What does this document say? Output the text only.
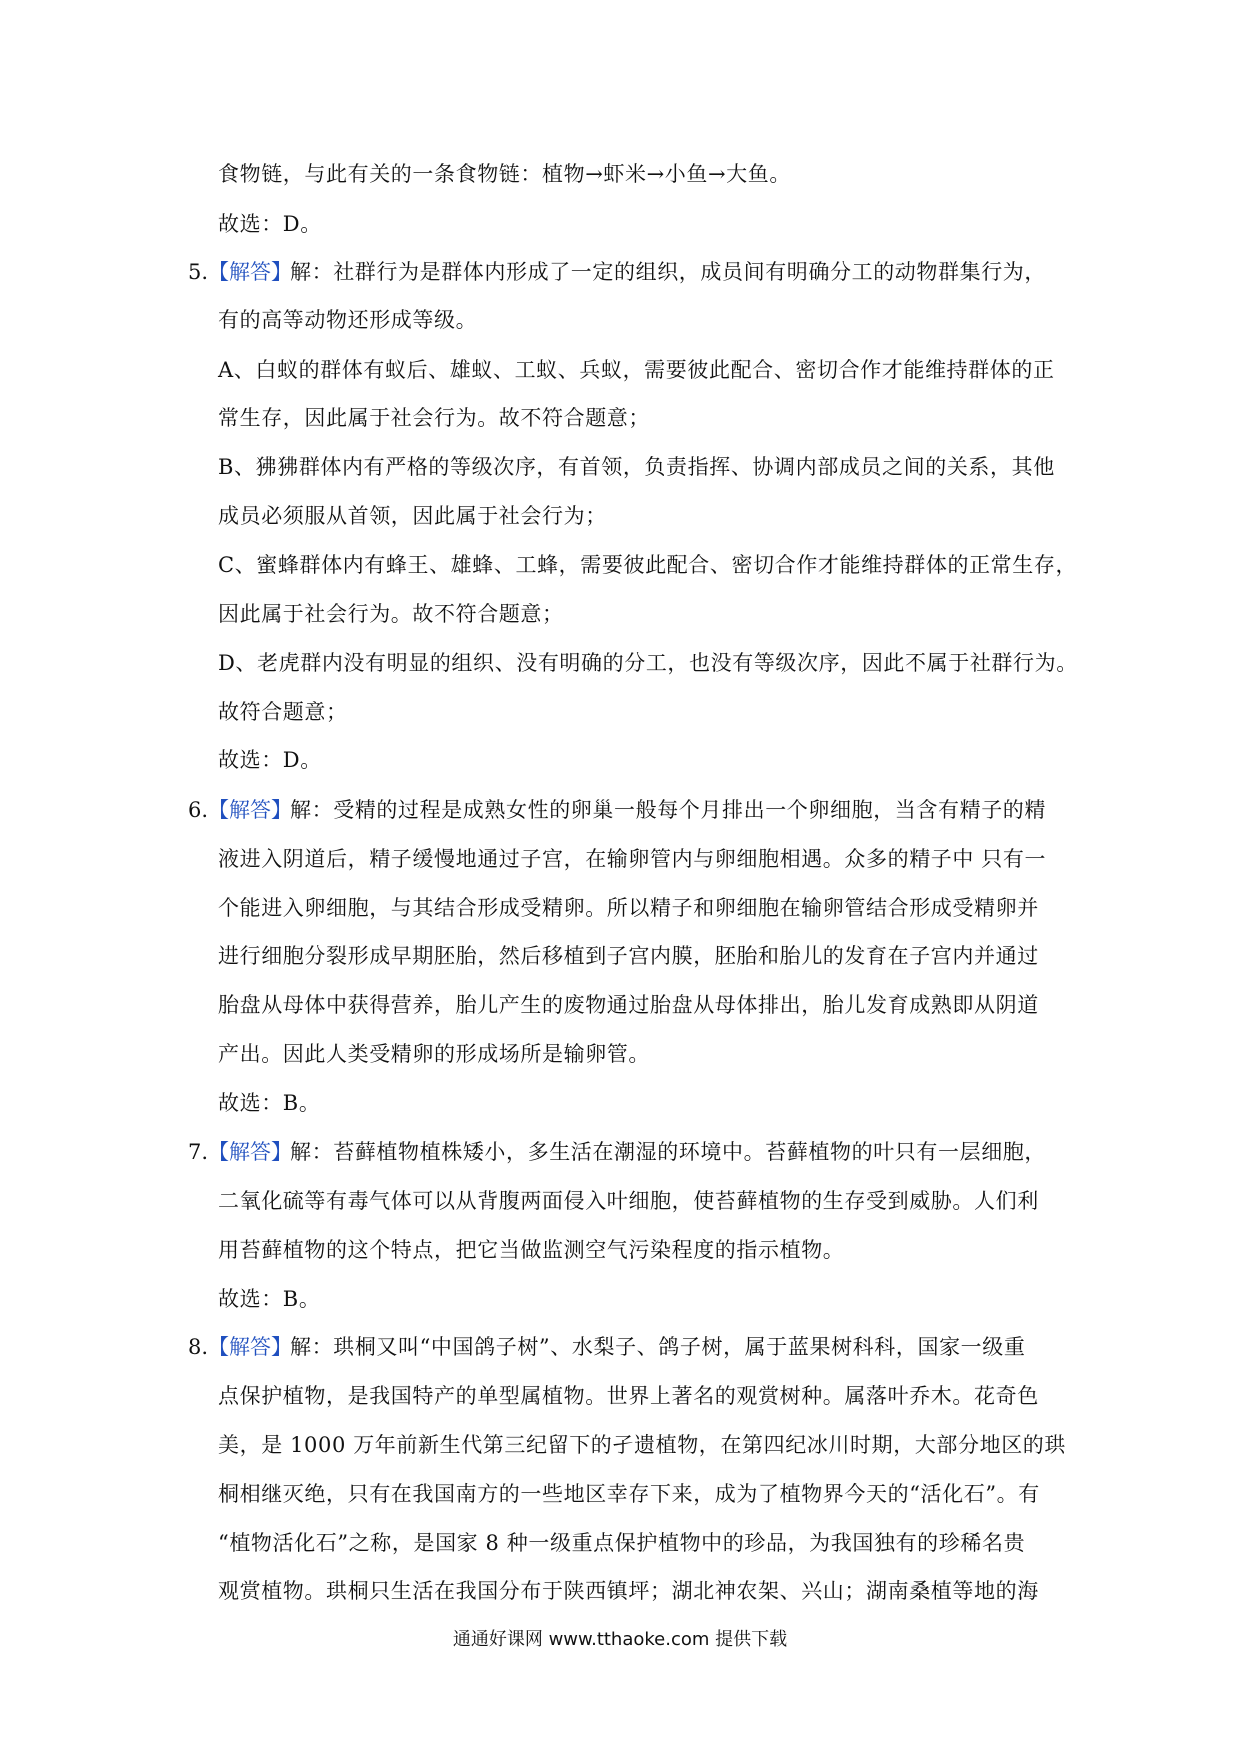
食物链，与此有关的一条食物链：植物→虾米→小鱼→大鱼。
故选：D。
5.【解答】
解：社群行为是群体内形成了一定的组织，成员间有明确分工的动物群集行为，
有的高等动物还形成等级。
A、白蚁的群体有蚁后、雄蚁、工蚁、兵蚁，需要彼此配合、密切合作才能维持群体的正
常生存，因此属于社会行为。故不符合题意；
B、狒狒群体内有严格的等级次序，有首领，负责指挥、协调内部成员之间的关系，其他
成员必须服从首领，因此属于社会行为；
C、蜜蜂群体内有蜂王、雄蜂、工蜂，需要彼此配合、密切合作才能维持群体的正常生存，
因此属于社会行为。故不符合题意；
D、老虎群内没有明显的组织、没有明确的分工，也没有等级次序，因此不属于社群行为。
故符合题意；
故选：D。
6.【解答】
解：受精的过程是成熟女性的卵巢一般每个月排出一个卵细胞，当含有精子的精
液进入阴道后，精子缓慢地通过子宫，在输卵管内与卵细胞相遇。众多的精子中 只有一
个能进入卵细胞，与其结合形成受精卵。所以精子和卵细胞在输卵管结合形成受精卵并
进行细胞分裂形成早期胚胎，然后移植到子宫内膜，胚胎和胎儿的发育在子宫内并通过
胎盘从母体中获得营养，胎儿产生的废物通过胎盘从母体排出，胎儿发育成熟即从阴道
产出。因此人类受精卵的形成场所是输卵管。
故选：B。
7.【解答】
解：苔藓植物植株矮小，多生活在潮湿的环境中。苔藓植物的叶只有一层细胞，
二氧化硫等有毒气体可以从背腹两面侵入叶细胞，使苔藓植物的生存受到威胁。人们利
用苔藓植物的这个特点，把它当做监测空气污染程度的指示植物。
故选：B。
8.【解答】
解：珙桐又叫“中国鸽子树”、水梨子、鸽子树，属于蓝果树科科，国家一级重
点保护植物，是我国特产的单型属植物。世界上著名的观赏树种。属落叶乔木。花奇色
美，是 1000 万年前新生代第三纪留下的孑遗植物，在第四纪冰川时期，大部分地区的珙
桐相继灭绝，只有在我国南方的一些地区幸存下来，成为了植物界今天的“活化石”。有
“植物活化石”之称，是国家 8 种一级重点保护植物中的珍品，为我国独有的珍稀名贵
观赏植物。珙桐只生活在我国分布于陕西镇坪；湖北神农架、兴山；湖南桑植等地的海
通通好课网 www.tthaoke.com 提供下载
